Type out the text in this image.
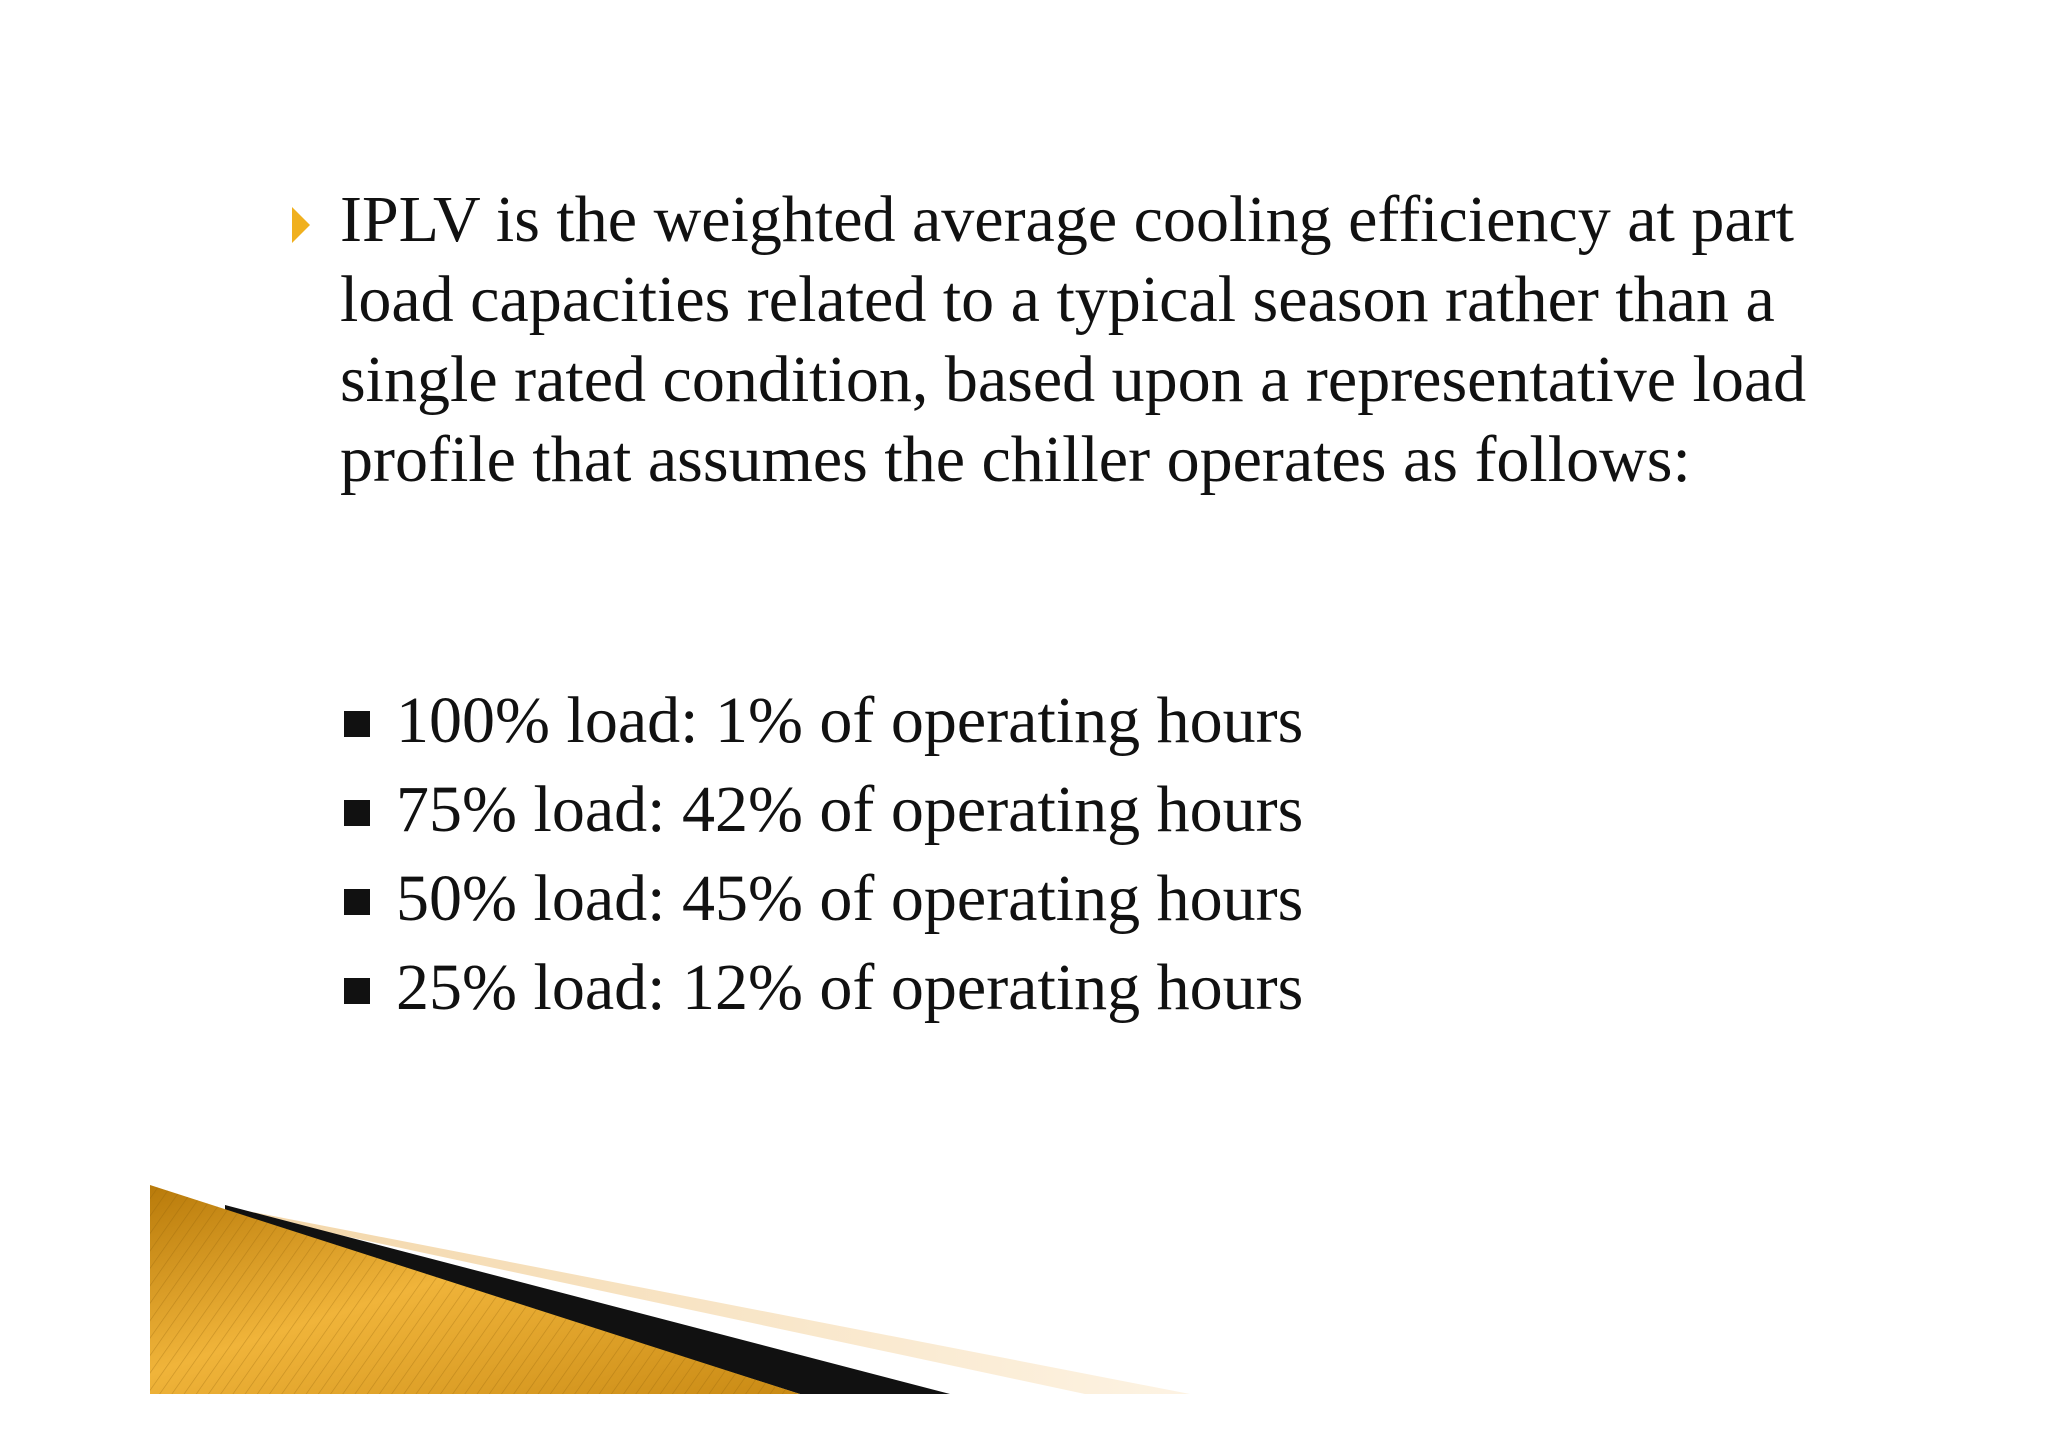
IPLV is the weighted average cooling efficiency at part load capacities related to a typical season rather than a single rated condition, based upon a representative load profile that assumes the chiller operates as follows:
100% load: 1% of operating hours
75% load: 42% of operating hours
50% load: 45% of operating hours
25% load: 12% of operating hours
